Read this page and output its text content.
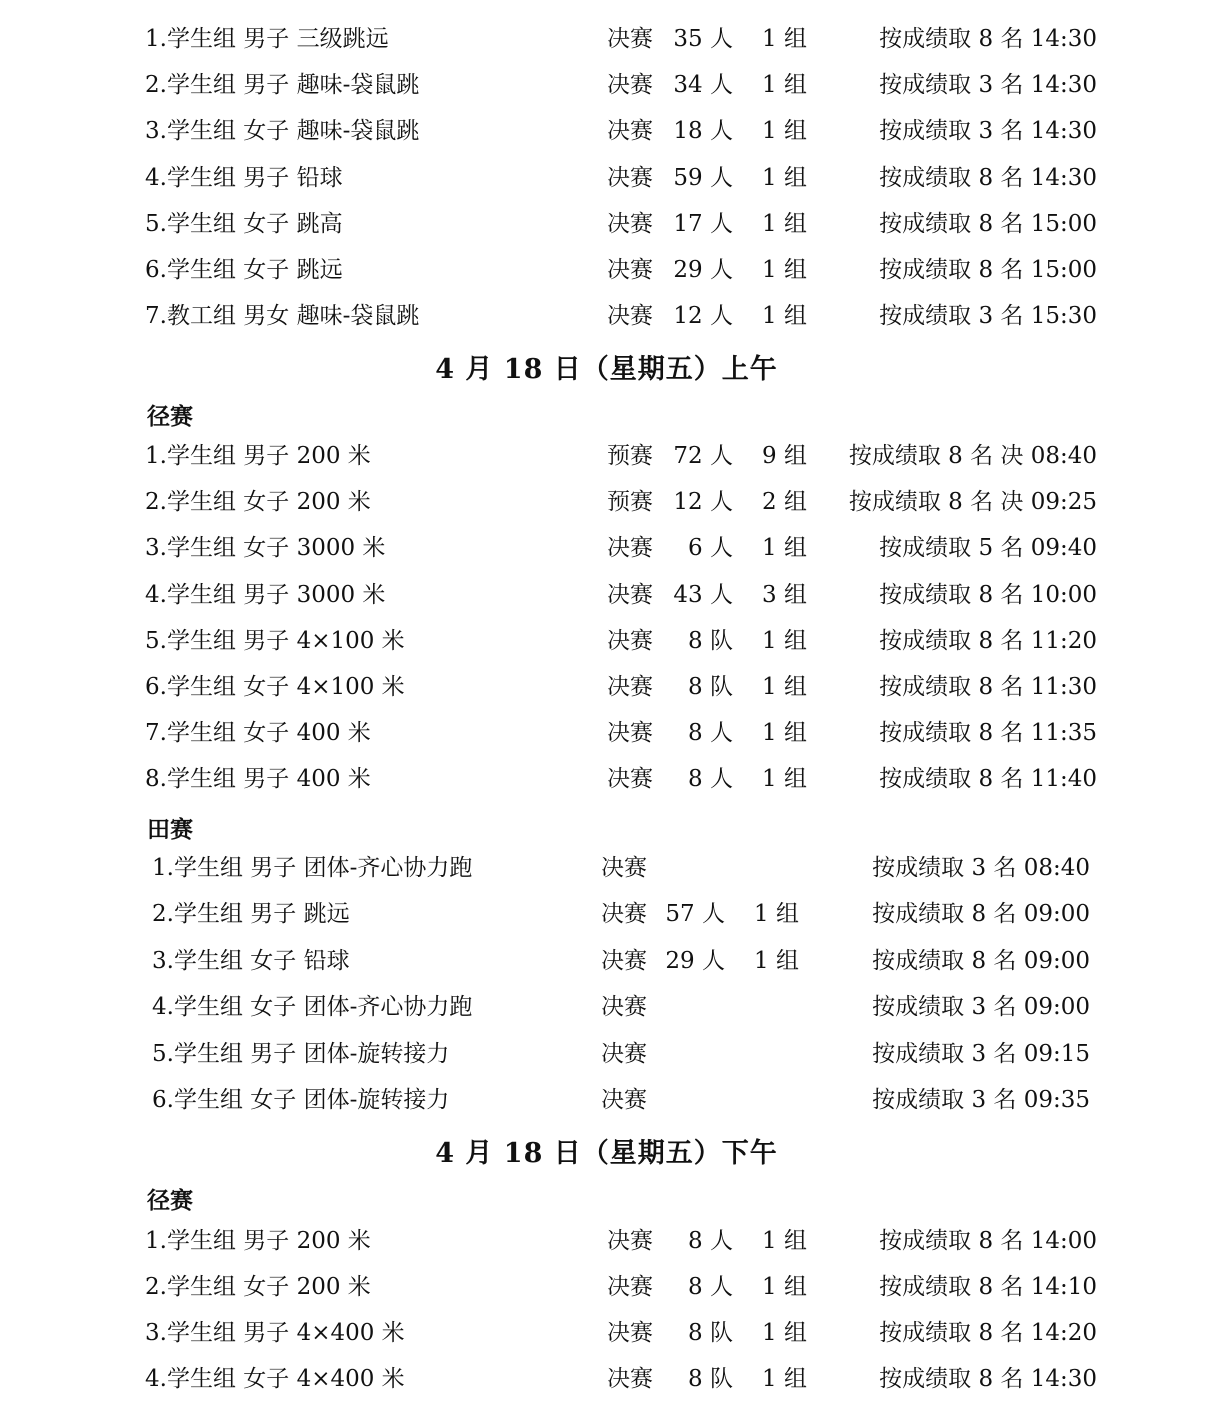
1.学生组 男子 三级跳远	决赛 35 人 1 组	按成绩取 8 名 14:30
2.学生组 男子 趣味-袋鼠跳	决赛 34 人 1 组	按成绩取 3 名 14:30
3.学生组 女子 趣味-袋鼠跳	决赛 18 人 1 组	按成绩取 3 名 14:30
4.学生组 男子 铅球	决赛 59 人 1 组	按成绩取 8 名 14:30
5.学生组 女子 跳高	决赛 17 人 1 组	按成绩取 8 名 15:00
6.学生组 女子 跳远	决赛 29 人 1 组	按成绩取 8 名 15:00
7.教工组 男女 趣味-袋鼠跳	决赛 12 人 1 组	按成绩取 3 名 15:30
4 月 18 日（星期五）上午
径赛
1.学生组 男子 200 米	预赛 72 人 9 组 按成绩取 8 名 决 08:40
2.学生组 女子 200 米	预赛 12 人 2 组 按成绩取 8 名 决 09:25
3.学生组 女子 3000 米	决赛	6 人 1 组	按成绩取 5 名 09:40
4.学生组 男子 3000 米	决赛 43 人 3 组	按成绩取 8 名 10:00
5.学生组 男子 4×100 米	决赛	8 队 1 组	按成绩取 8 名 11:20
6.学生组 女子 4×100 米	决赛	8 队 1 组	按成绩取 8 名 11:30
7.学生组 女子 400 米	决赛	8 人 1 组	按成绩取 8 名 11:35
8.学生组 男子 400 米	决赛	8 人 1 组	按成绩取 8 名 11:40
田赛
1.学生组 男子 团体-齐心协力跑	决赛	按成绩取 3 名 08:40
2.学生组 男子 跳远	决赛 57 人 1 组	按成绩取 8 名 09:00
3.学生组 女子 铅球	决赛 29 人 1 组	按成绩取 8 名 09:00
4.学生组 女子 团体-齐心协力跑	决赛	按成绩取 3 名 09:00
5.学生组 男子 团体-旋转接力	决赛	按成绩取 3 名 09:15
6.学生组 女子 团体-旋转接力	决赛	按成绩取 3 名 09:35
4 月 18 日（星期五）下午
径赛
1.学生组 男子 200 米	决赛	8 人 1 组	按成绩取 8 名 14:00
2.学生组 女子 200 米	决赛	8 人 1 组	按成绩取 8 名 14:10
3.学生组 男子 4×400 米	决赛	8 队 1 组	按成绩取 8 名 14:20
4.学生组 女子 4×400 米	决赛	8 队 1 组	按成绩取 8 名 14:30
